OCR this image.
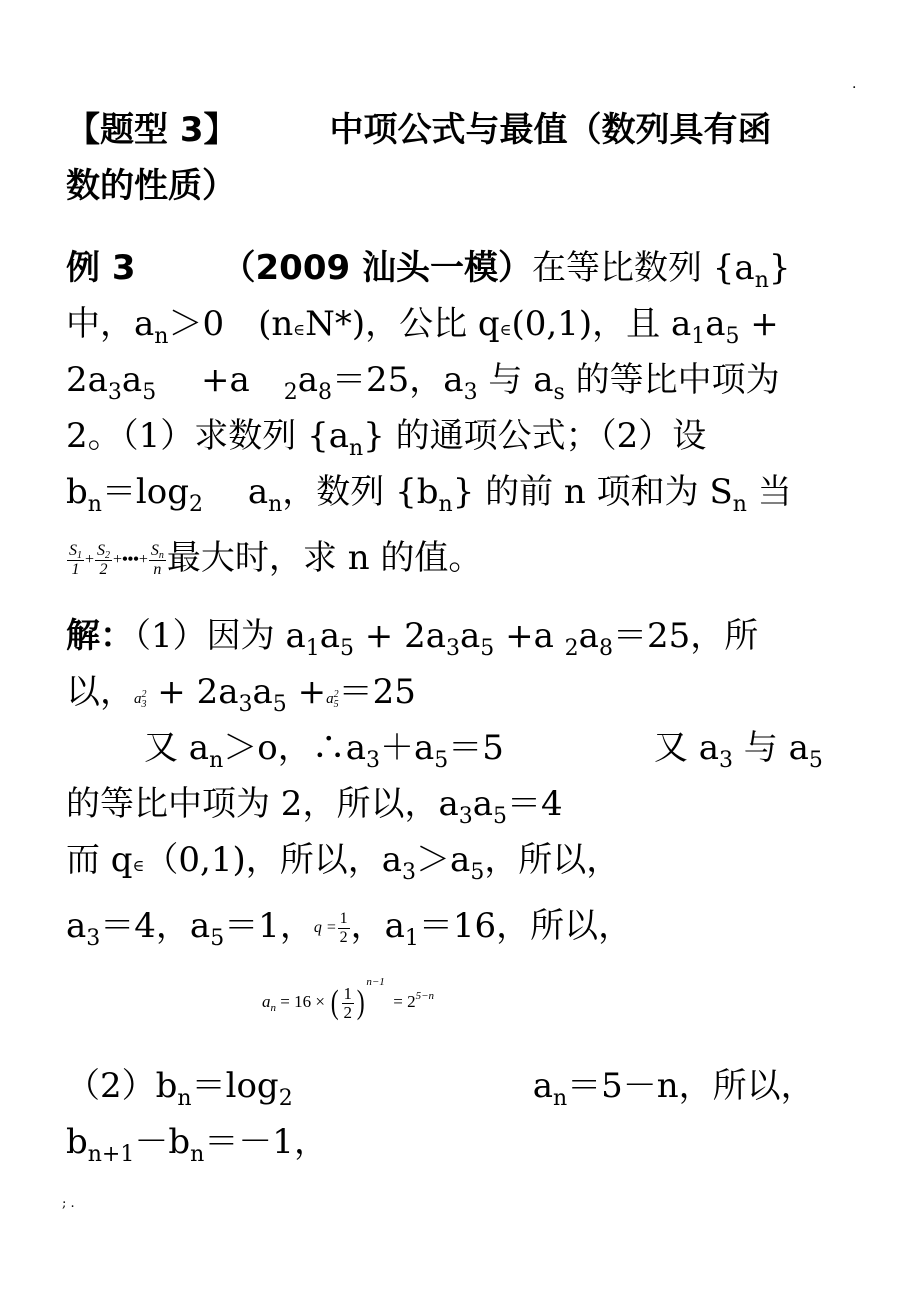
·
【题型 3】	中项公式与最值（数列具有函
数的性质）
例 3	（2009 汕头一模）在等比数列 $\{a_n\}$
中，$a_n>0$　(n∈N*)，公比 q∈(0,1)，且 $a_1a_5$ +
$2a_3a_5$　 +a　$_2a_8=25$，$a_3$ 与 $a_s$ 的等比中项为
2。（1）求数列 $\{a_n\}$ 的通项公式；（2）设
$b_n=\log_2$　 $a_n$，数列 $\{b_n\}$ 的前 n 项和为 $S_n$ 当
$\frac{S_1}{1} + \frac{S_2}{2}$ +•••+ $\frac{S_n}{n}$ 最大时，求 n 的值。
解：（1）因为 $a_1a_5 + 2a_3a_5 +a$ $_2a_8=25$，所
以，$a_3^2 + 2a_3a_5 +a_5^2=25$
又 $a_n>o$，$\therefore a_3+a_5=5$	又 $a_3$ 与 $a_5$
的等比中项为 2，所以，$a_3a_5=4$
而 q∈（0,1)，所以，$a_3>a_5$，所以，
$a_3=4$，$a_5=1$，$q = \frac{1}{2}$ ，$a_1=16$，所以，
$a_n = 16$ × ( $\frac{1}{2} )^{n-1} = 2^{5-n}$
$(2)b_n=\log_2$	$a_n=5-n$，所以，
$b_{n+1}-b_n=-1$，
; .
